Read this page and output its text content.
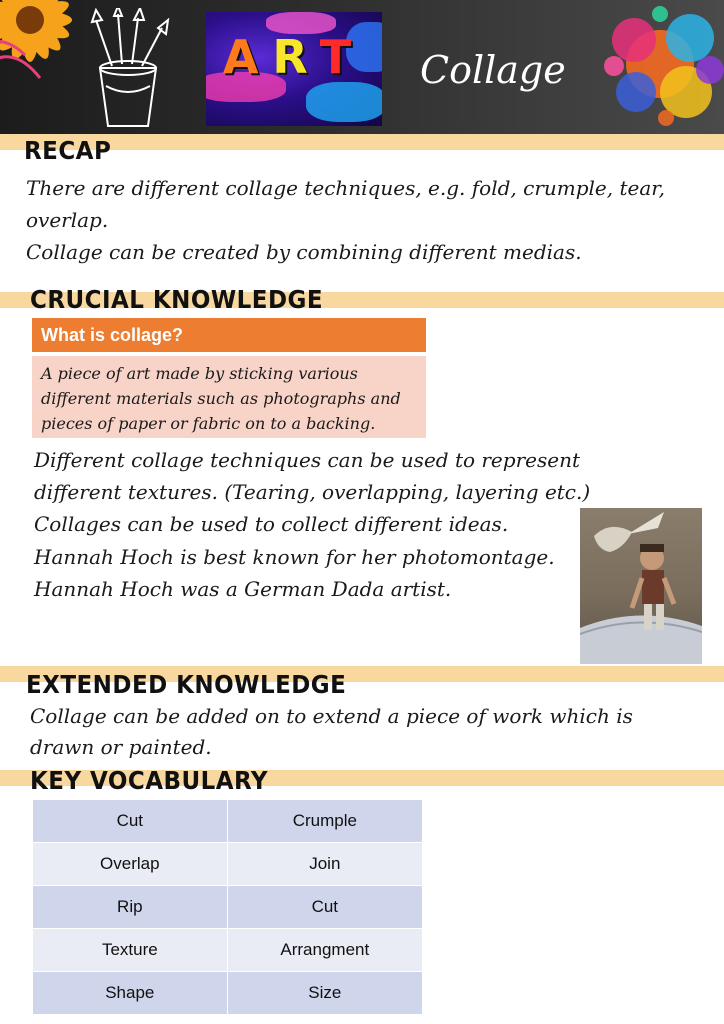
ART	Collage
RECAP
There are different collage techniques, e.g. fold, crumple, tear,
overlap.
Collage can be created by combining different medias.
CRUCIAL KNOWLEDGE
What is collage?
A piece of art made by sticking various
different materials such as photographs and
pieces of paper or fabric on to a backing.
Different collage techniques can be used to represent
different textures. (Tearing, overlapping, layering etc.)
Collages can be used to collect different ideas.
Hannah Hoch is best known for her photomontage.
Hannah Hoch was a German Dada artist.
EXTENDED KNOWLEDGE
Collage can be added on to extend a piece of work which is
drawn or painted.
KEY VOCABULARY
Cut	Crumple
Overlap	Join
Rip	Cut
Texture	Arrangment
Shape	Size
